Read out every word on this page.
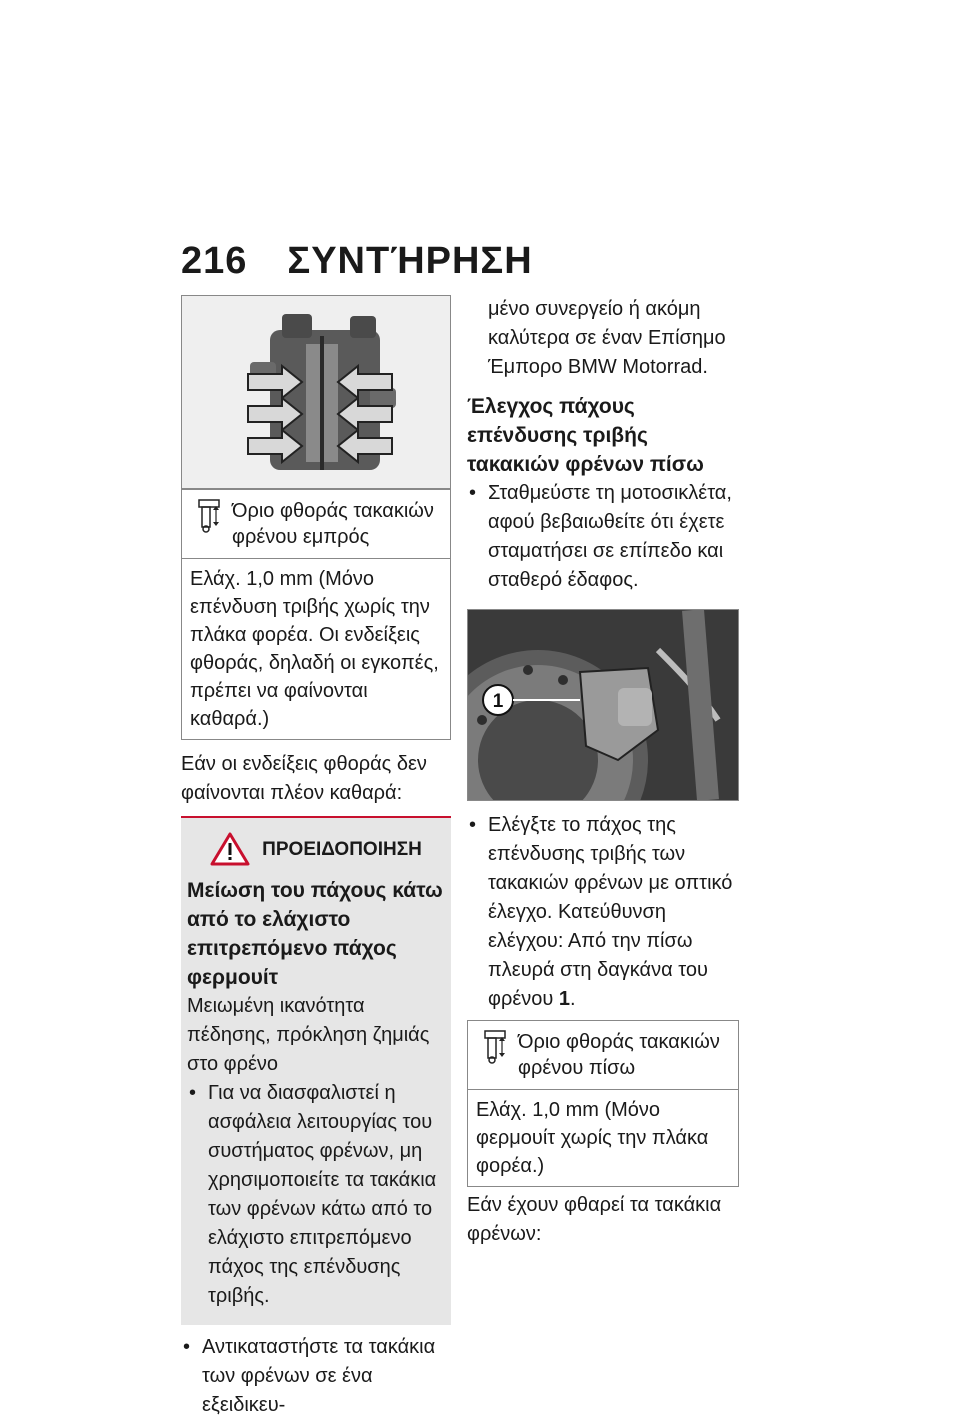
216 ΣΥΝΤΉΡΗΣΗ
Όριο φθοράς τακακιών φρένου εμπρός
Ελάχ. 1,0 mm (Μόνο επένδυση τριβής χωρίς την πλάκα φορέα. Οι ενδείξεις φθοράς, δηλαδή οι εγκοπές, πρέπει να φαίνονται καθαρά.)

Εάν οι ενδείξεις φθοράς δεν φαίνονται πλέον καθαρά:

ΠΡΟΕΙΔΟΠΟΙΗΣΗ
Μείωση του πάχους κάτω από το ελάχιστο επιτρεπόμενο πάχος φερμουίτ

Μειωμένη ικανότητα πέδησης, πρόκληση ζημιάς στο φρένο

• Για να διασφαλιστεί η ασφάλεια λειτουργίας του συστήματος φρένων, μη χρησιμοποιείτε τα τακάκια των φρένων κάτω από το ελάχιστο επιτρεπόμενο πάχος της επένδυσης τριβής.
• Αντικαταστήστε τα τακάκια των φρένων σε ένα εξειδικευ-

μένο συνεργείο ή ακόμη καλύτερα σε έναν Επίσημο Έμπορο BMW Motorrad.

Έλεγχος πάχους επένδυσης τριβής τακακιών φρένων πίσω
• Σταθμεύστε τη μοτοσικλέτα, αφού βεβαιωθείτε ότι έχετε σταματήσει σε επίπεδο και σταθερό έδαφος.
1
• Ελέγξτε το πάχος της επένδυσης τριβής των τακακιών φρένων με οπτικό έλεγχο. Κατεύθυνση ελέγχου: Από την πίσω πλευρά στη δαγκάνα του φρένου 1.
Όριο φθοράς τακακιών φρένου πίσω
Ελάχ. 1,0 mm (Μόνο φερμουίτ χωρίς την πλάκα φορέα.)

Εάν έχουν φθαρεί τα τακάκια φρένων:
